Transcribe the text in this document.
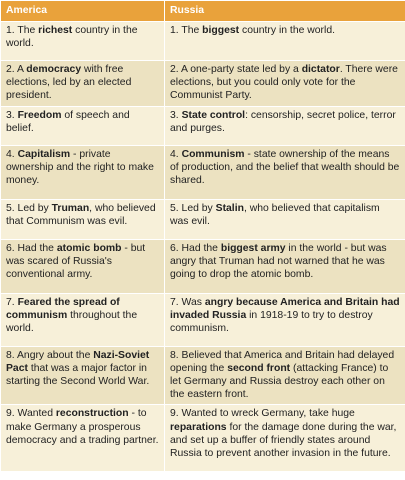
America	Russia
1. The richest country in the world.	1. The biggest country in the world.
2. A democracy with free elections, led by an elected president.	2. A one-party state led by a dictator. There were elections, but you could only vote for the Communist Party.
3. Freedom of speech and belief.	3. State control: censorship, secret police, terror and purges.
4. Capitalism - private ownership and the right to make money.	4. Communism - state ownership of the means of production, and the belief that wealth should be shared.
5. Led by Truman, who believed that Communism was evil.	5. Led by Stalin, who believed that capitalism was evil.
6. Had the atomic bomb - but was scared of Russia's conventional army.	6. Had the biggest army in the world - but was angry that Truman had not warned that he was going to drop the atomic bomb.
7. Feared the spread of communism throughout the world.	7. Was angry because America and Britain had invaded Russia in 1918-19 to try to destroy communism.
8. Angry about the Nazi-Soviet Pact that was a major factor in starting the Second World War.	8. Believed that America and Britain had delayed opening the second front (attacking France) to let Germany and Russia destroy each other on the eastern front.
9. Wanted reconstruction - to make Germany a prosperous democracy and a trading partner.	9. Wanted to wreck Germany, take huge reparations for the damage done during the war, and set up a buffer of friendly states around Russia to prevent another invasion in the future.
